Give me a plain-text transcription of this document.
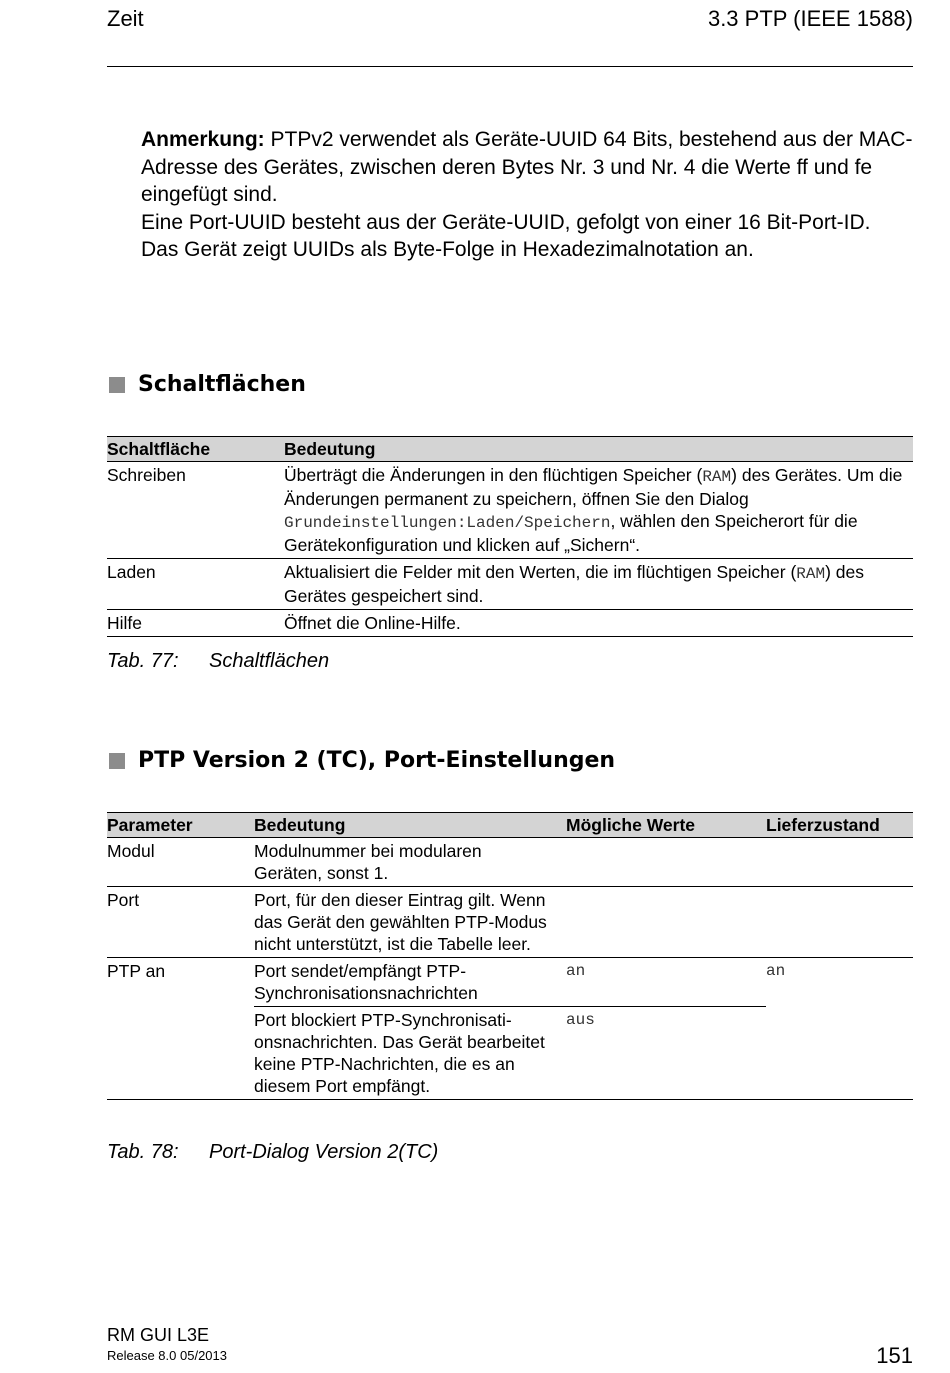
Zeit	3.3 PTP (IEEE 1588)

Anmerkung: PTPv2 verwendet als Geräte-UUID 64 Bits, bestehend aus der MAC-Adresse des Gerätes, zwischen deren Bytes Nr. 3 und Nr. 4 die Werte ff und fe eingefügt sind.

Eine Port-UUID besteht aus der Geräte-UUID, gefolgt von einer 16 Bit-Port-ID.

Das Gerät zeigt UUIDs als Byte-Folge in Hexadezimalnotation an.

Schaltflächen
Schaltfläche	Bedeutung
Schreiben	Überträgt die Änderungen in den flüchtigen Speicher (RAM) des Gerätes. Um die Änderungen permanent zu speichern, öffnen Sie den Dialog Grundeinstellungen:Laden/Speichern, wählen den Speicherort für die Gerätekonfiguration und klicken auf „Sichern“.
Laden	Aktualisiert die Felder mit den Werten, die im flüchtigen Speicher (RAM) des Gerätes gespeichert sind.
Hilfe	Öffnet die Online-Hilfe.
Tab. 77: Schaltflächen
PTP Version 2 (TC), Port-Einstellungen
Parameter	Bedeutung	Mögliche Werte	Lieferzustand
Modul	Modulnummer bei modularen Geräten, sonst 1.		
Port	Port, für den dieser Eintrag gilt. Wenn das Gerät den gewählten PTP-Modus nicht unterstützt, ist die Tabelle leer.		
PTP an	Port sendet/empfängt PTP-Synchronisationsnachrichten	an	an
	Port blockiert PTP-Synchronisati-onsnachrichten. Das Gerät bearbeitet keine PTP-Nachrichten, die es an diesem Port empfängt.	aus	
Tab. 78: Port-Dialog Version 2(TC)
RM GUI L3E
Release 8.0 05/2013	151
